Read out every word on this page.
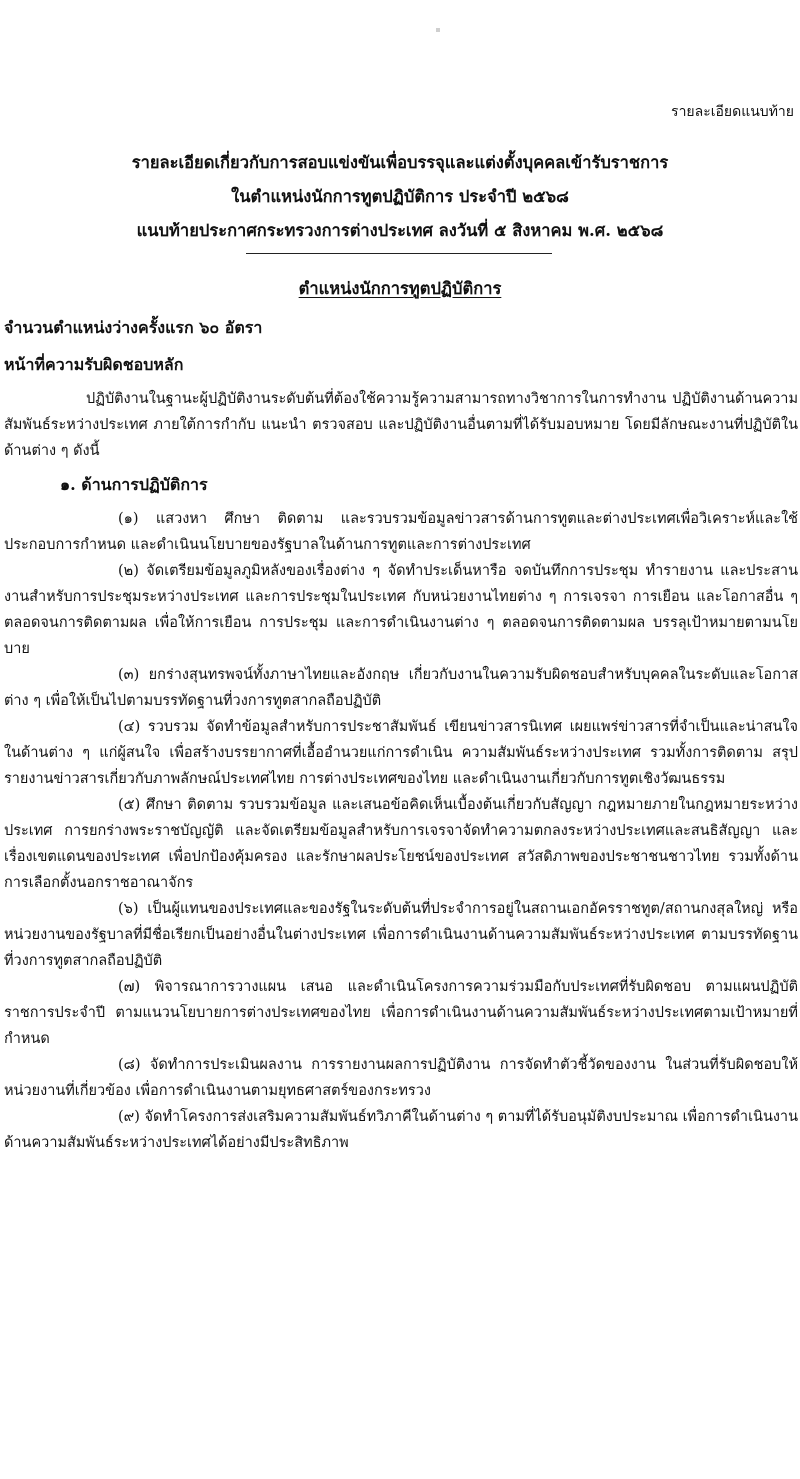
รายละเอียดแนบท้าย
รายละเอียดเกี่ยวกับการสอบแข่งขันเพื่อบรรจุและแต่งตั้งบุคคลเข้ารับราชการ
ในตำแหน่งนักการทูตปฏิบัติการ ประจำปี ๒๕๖๘
แนบท้ายประกาศกระทรวงการต่างประเทศ ลงวันที่ ๕ สิงหาคม พ.ศ. ๒๕๖๘
ตำแหน่งนักการทูตปฏิบัติการ
จำนวนตำแหน่งว่างครั้งแรก ๖๐ อัตรา
หน้าที่ความรับผิดชอบหลัก

ปฏิบัติงานในฐานะผู้ปฏิบัติงานระดับต้นที่ต้องใช้ความรู้ความสามารถทางวิชาการในการทำงาน ปฏิบัติงานด้านความสัมพันธ์ระหว่างประเทศ ภายใต้การกำกับ แนะนำ ตรวจสอบ และปฏิบัติงานอื่นตามที่ได้รับมอบหมาย โดยมีลักษณะงานที่ปฏิบัติในด้านต่าง ๆ ดังนี้

๑. ด้านการปฏิบัติการ

(๑) แสวงหา ศึกษา ติดตาม และรวบรวมข้อมูลข่าวสารด้านการทูตและต่างประเทศเพื่อวิเคราะห์และใช้ประกอบการกำหนด และดำเนินนโยบายของรัฐบาลในด้านการทูตและการต่างประเทศ

(๒) จัดเตรียมข้อมูลภูมิหลังของเรื่องต่าง ๆ จัดทำประเด็นหารือ จดบันทึกการประชุม ทำรายงาน และประสานงานสำหรับการประชุมระหว่างประเทศ และการประชุมในประเทศ กับหน่วยงานไทยต่าง ๆ การเจรจา การเยือน และโอกาสอื่น ๆ ตลอดจนการติดตามผล เพื่อให้การเยือน การประชุม และการดำเนินงานต่าง ๆ ตลอดจนการติดตามผล บรรลุเป้าหมายตามนโยบาย

(๓) ยกร่างสุนทรพจน์ทั้งภาษาไทยและอังกฤษ เกี่ยวกับงานในความรับผิดชอบสำหรับบุคคลในระดับและโอกาสต่าง ๆ เพื่อให้เป็นไปตามบรรทัดฐานที่วงการทูตสากลถือปฏิบัติ

(๔) รวบรวม จัดทำข้อมูลสำหรับการประชาสัมพันธ์ เขียนข่าวสารนิเทศ เผยแพร่ข่าวสารที่จำเป็นและน่าสนใจในด้านต่าง ๆ แก่ผู้สนใจ เพื่อสร้างบรรยากาศที่เอื้ออำนวยแก่การดำเนิน ความสัมพันธ์ระหว่างประเทศ รวมทั้งการติดตาม สรุปรายงานข่าวสารเกี่ยวกับภาพลักษณ์ประเทศไทย การต่างประเทศของไทย และดำเนินงานเกี่ยวกับการทูตเชิงวัฒนธรรม

(๕) ศึกษา ติดตาม รวบรวมข้อมูล และเสนอข้อคิดเห็นเบื้องต้นเกี่ยวกับสัญญา กฎหมายภายในกฎหมายระหว่างประเทศ การยกร่างพระราชบัญญัติ และจัดเตรียมข้อมูลสำหรับการเจรจาจัดทำความตกลงระหว่างประเทศและสนธิสัญญา และเรื่องเขตแดนของประเทศ เพื่อปกป้องคุ้มครอง และรักษาผลประโยชน์ของประเทศ สวัสดิภาพของประชาชนชาวไทย รวมทั้งด้านการเลือกตั้งนอกราชอาณาจักร

(๖) เป็นผู้แทนของประเทศและของรัฐในระดับต้นที่ประจำการอยู่ในสถานเอกอัครราชทูต/สถานกงสุลใหญ่ หรือหน่วยงานของรัฐบาลที่มีชื่อเรียกเป็นอย่างอื่นในต่างประเทศ เพื่อการดำเนินงานด้านความสัมพันธ์ระหว่างประเทศ ตามบรรทัดฐานที่วงการทูตสากลถือปฏิบัติ

(๗) พิจารณาการวางแผน เสนอ และดำเนินโครงการความร่วมมือกับประเทศที่รับผิดชอบ ตามแผนปฏิบัติราชการประจำปี ตามแนวนโยบายการต่างประเทศของไทย เพื่อการดำเนินงานด้านความสัมพันธ์ระหว่างประเทศตามเป้าหมายที่กำหนด

(๘) จัดทำการประเมินผลงาน การรายงานผลการปฏิบัติงาน การจัดทำตัวชี้วัดของงาน ในส่วนที่รับผิดชอบให้หน่วยงานที่เกี่ยวข้อง เพื่อการดำเนินงานตามยุทธศาสตร์ของกระทรวง

(๙) จัดทำโครงการส่งเสริมความสัมพันธ์ทวิภาคีในด้านต่าง ๆ ตามที่ได้รับอนุมัติงบประมาณ เพื่อการดำเนินงานด้านความสัมพันธ์ระหว่างประเทศได้อย่างมีประสิทธิภาพ
